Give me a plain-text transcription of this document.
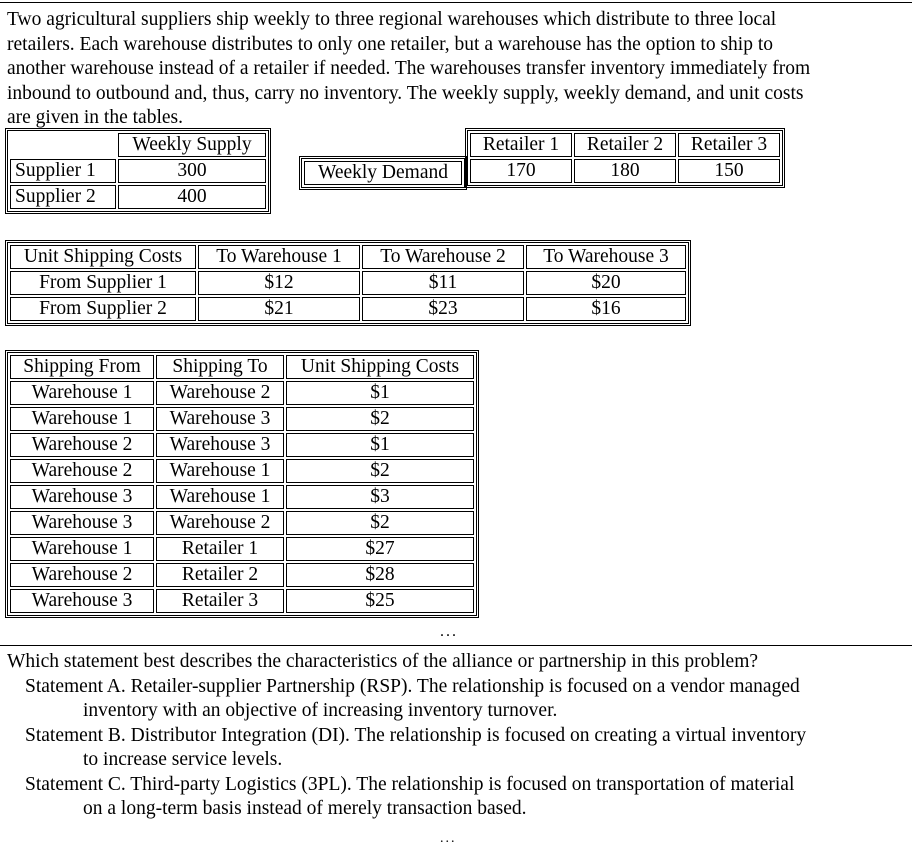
Two agricultural suppliers ship weekly to three regional warehouses which distribute to three local

retailers. Each warehouse distributes to only one retailer, but a warehouse has the option to ship to

another warehouse instead of a retailer if needed. The warehouses transfer inventory immediately from

inbound to outbound and, thus, carry no inventory. The weekly supply, weekly demand, and unit costs

are given in the tables.

	Weekly Supply
Supplier 1	300
Supplier 2	400
Weekly Demand
Retailer 1	Retailer 2	Retailer 3
170	180	150
Unit Shipping Costs	To Warehouse 1	To Warehouse 2	To Warehouse 3
From Supplier 1	$12	$11	$20
From Supplier 2	$21	$23	$16
Shipping From	Shipping To	Unit Shipping Costs
Warehouse 1	Warehouse 2	$1
Warehouse 1	Warehouse 3	$2
Warehouse 2	Warehouse 3	$1
Warehouse 2	Warehouse 1	$2
Warehouse 3	Warehouse 1	$3
Warehouse 3	Warehouse 2	$2
Warehouse 1	Retailer 1	$27
Warehouse 2	Retailer 2	$28
Warehouse 3	Retailer 3	$25
...

Which statement best describes the characteristics of the alliance or partnership in this problem?

Statement A. Retailer-supplier Partnership (RSP). The relationship is focused on a vendor managed

inventory with an objective of increasing inventory turnover.

Statement B. Distributor Integration (DI). The relationship is focused on creating a virtual inventory

to increase service levels.

Statement C. Third-party Logistics (3PL). The relationship is focused on transportation of material

on a long-term basis instead of merely transaction based.

...
